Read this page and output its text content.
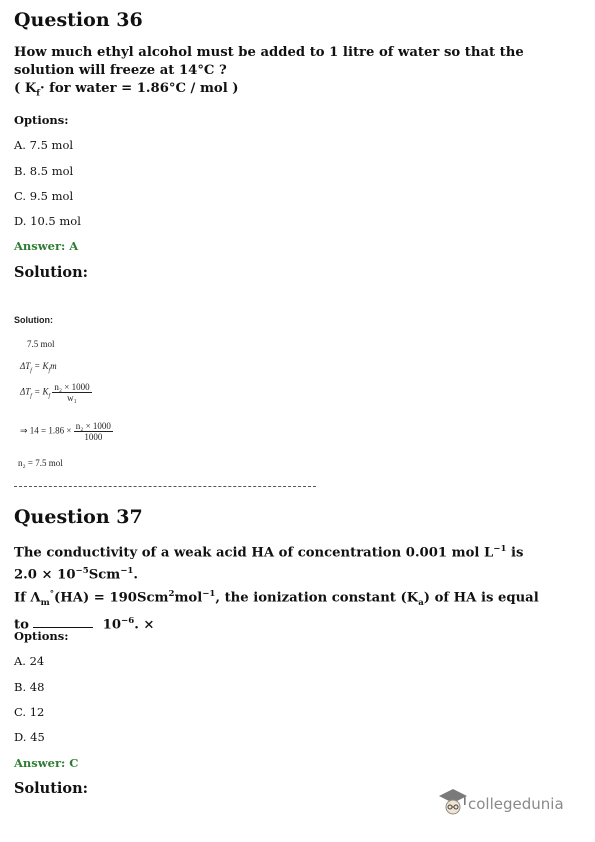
Question 36
How much ethyl alcohol must be added to 1 litre of water so that the
solution will freeze at 14°C ?
( $K_f\cdot$ for water = 1.86°C / mol )
Options:
A. 7.5 mol
B. 8.5 mol
C. 9.5 mol
D. 10.5 mol
Answer: A
Solution:
Solution:
7.5 mol
$\Delta T_f = K_fm$
$\Delta T_f = K_f \frac{\text{n₂ × 1000}}{\text{w₁}}$
⇒ $14 = 1.86 \times \frac{\text{n₂ × 1000}}{1000}$
n₂ = 7.5 mol
Question 37
The conductivity of a weak acid HA of concentration 0.001 mol $L^{-1}$ is
$2.0 \times 10^{-5}Scm^{-1}$.
If $\Lambda_m^\circ(HA) = 190Scm^2mol^{-1}$, the ionization constant $(K_a)$ of HA is equal
to	$10^{-6}$. ×
Options:
A. 24
B. 48
C. 12
D. 45
Answer: C
Solution:
collegedunia
